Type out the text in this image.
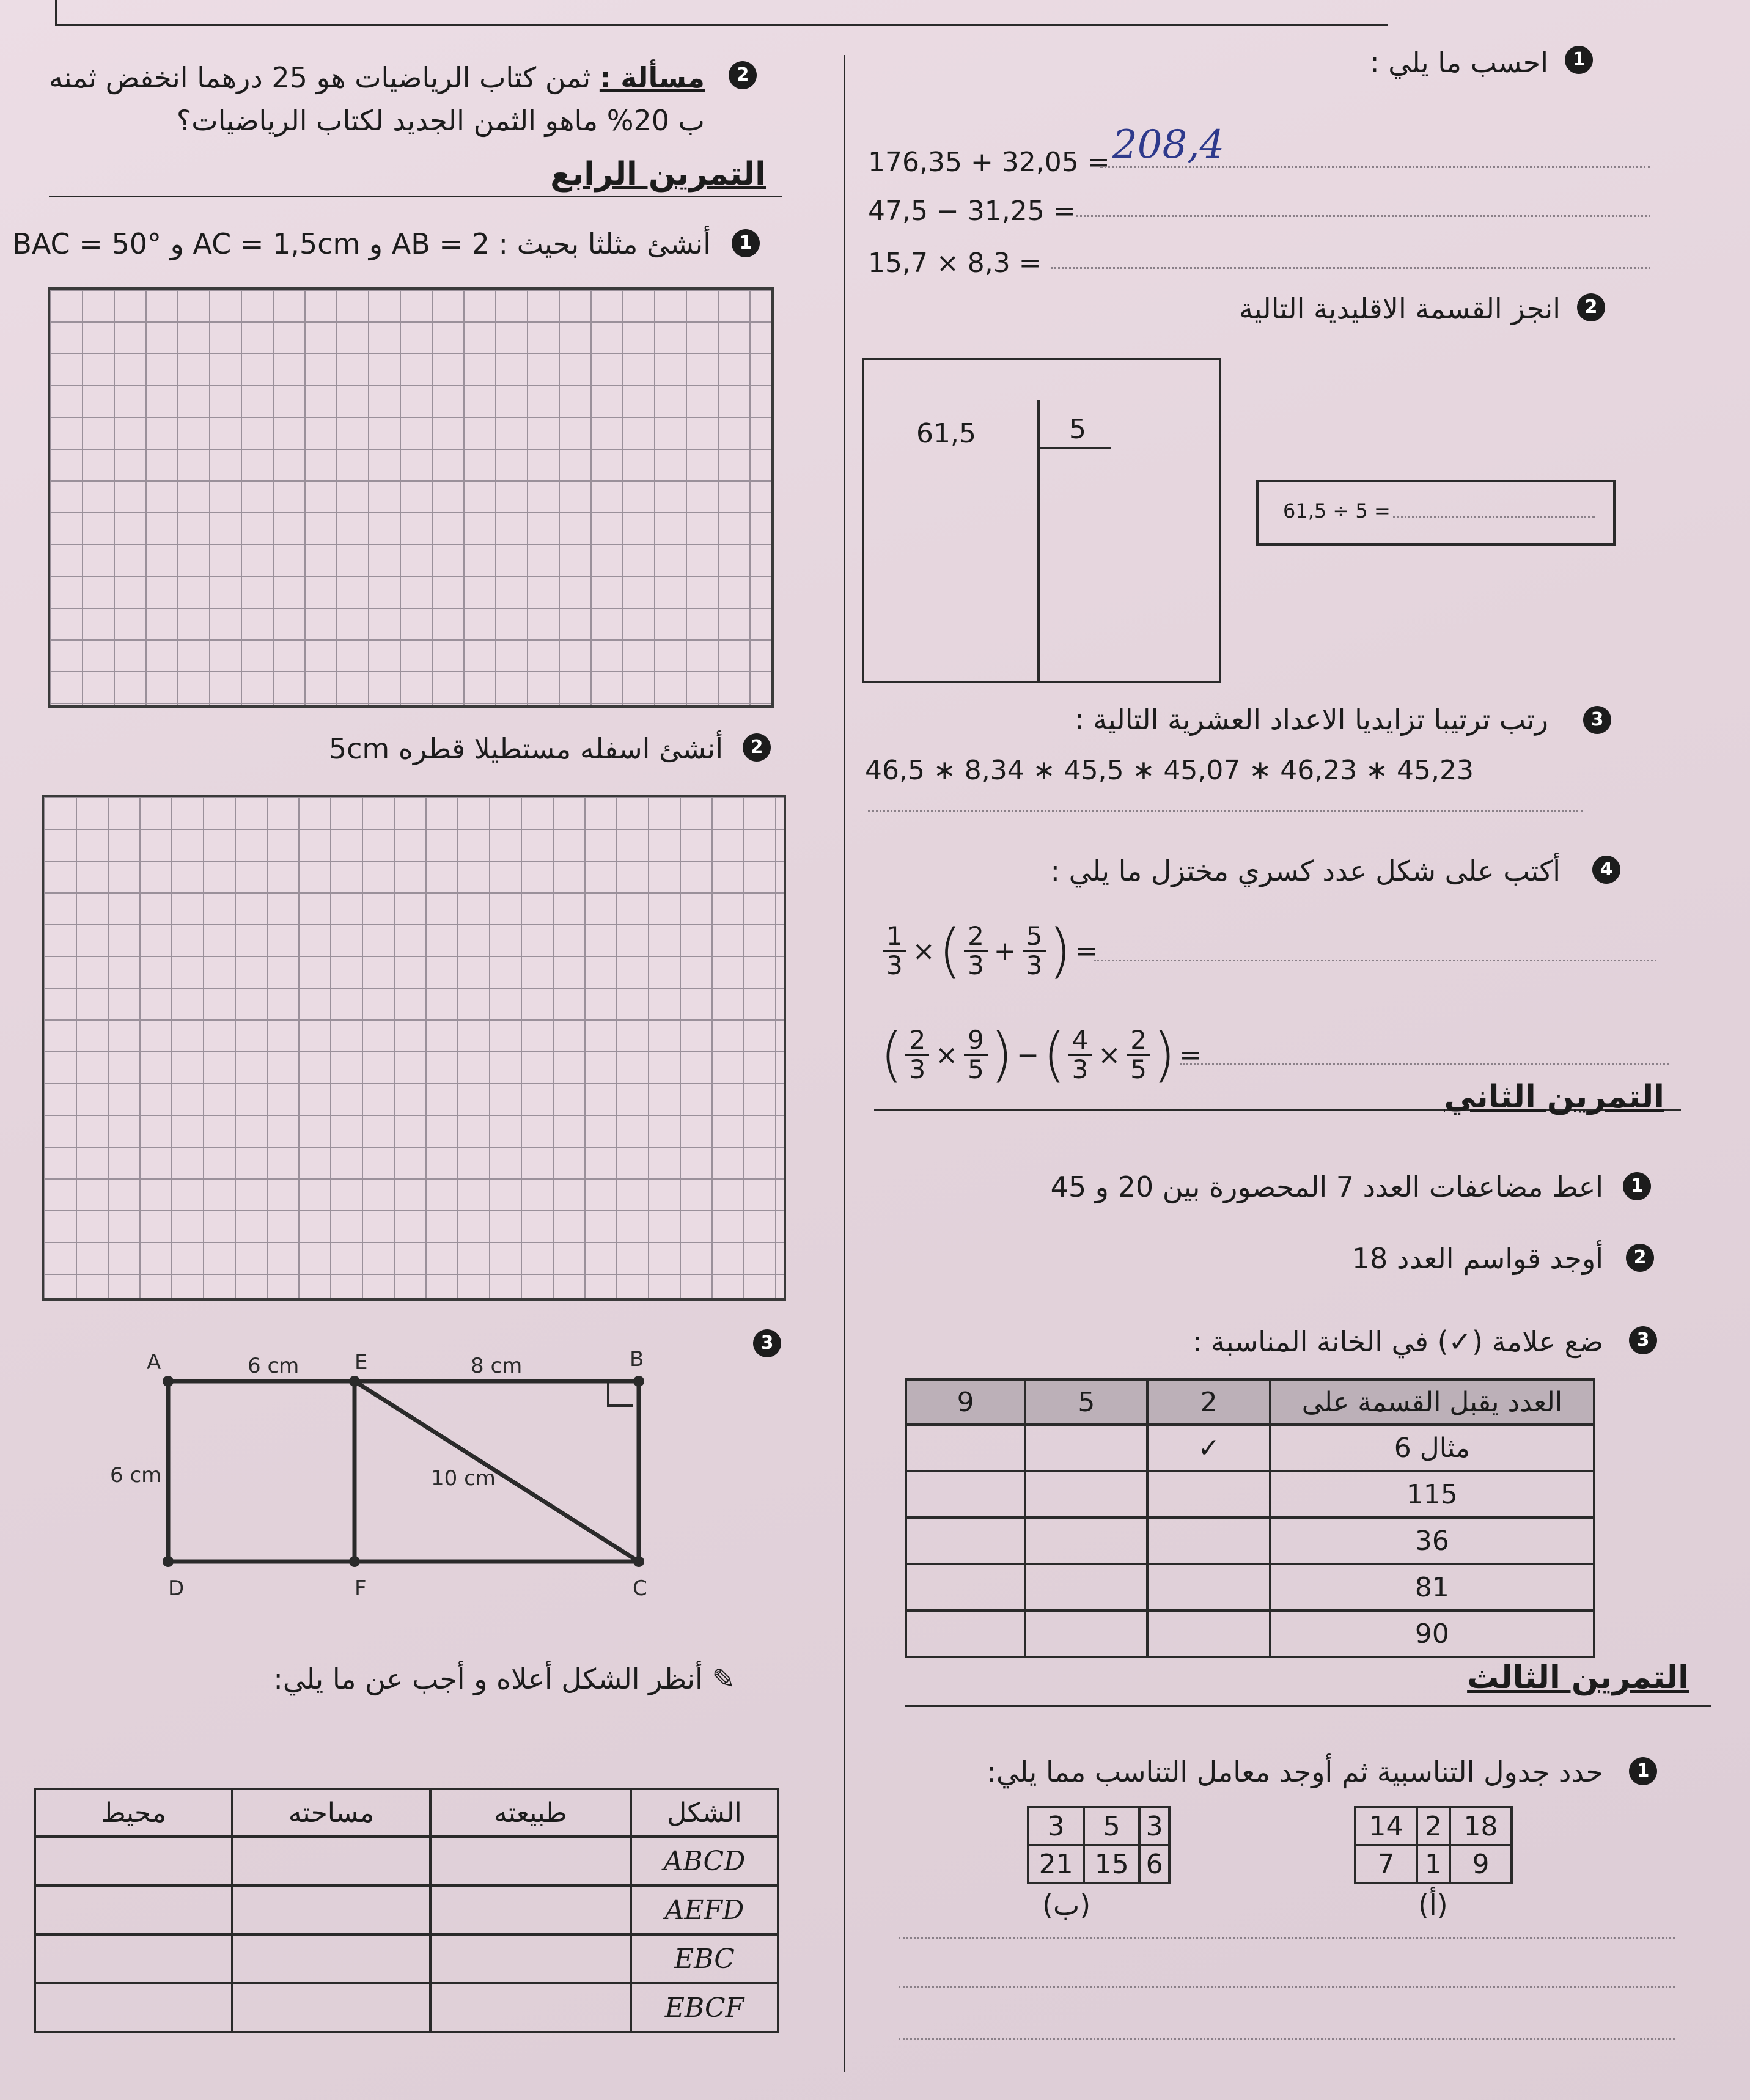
2
مسألة : ثمن كتاب الرياضيات هو 25 درهما انخفض ثمنه
ب 20% ماهو الثمن الجديد لكتاب الرياضيات؟
التمرين الرابع
1
أنشئ مثلثا بحيث : AB = 2 و AC = 1,5cm و BAC = 50°
2
أنشئ اسفله مستطيلا قطره 5cm
3
A	E	B
D	F	C
6 cm	8 cm
6 cm	10 cm
✎ أنظر الشكل أعلاه و أجب عن ما يلي:
محيط	مساحته	طبيعته	الشكل
			ABCD
			AEFD
			EBC
			EBCF
1
احسب ما يلي :
176,35 + 32,05 = 208,4
47,5 − 31,25 =
15,7 × 8,3 =
2
انجز القسمة الاقليدية التالية
61,5	5
61,5 ÷ 5 =
3
رتب ترتيبا تزايديا الاعداد العشرية التالية :
46,5 ∗ 8,34 ∗ 45,5 ∗ 45,07 ∗ 46,23 ∗ 45,23
4
أكتب على شكل عدد كسري مختزل ما يلي :
$\frac{1}{3}$ ×( $\frac{2}{3} + \frac{5}{3}$ ) =
( $\frac{2}{3} \times \frac{9}{5}$ ) −( $\frac{4}{3} \times \frac{2}{5}$ ) =
التمرين الثاني
1
اعط مضاعفات العدد 7 المحصورة بين 20 و 45
2
أوجد قواسم العدد 18
3
ضع علامة (✓) في الخانة المناسبة :
9	5	2	العدد يقبل القسمة على
		✓	مثال 6
			115
			36
			81
			90
التمرين الثالث
1
حدد جدول التناسبية ثم أوجد معامل التناسب مما يلي:
14	2	18
7	1	9
(أ)
3	5	3
21	15	6
(ب)
